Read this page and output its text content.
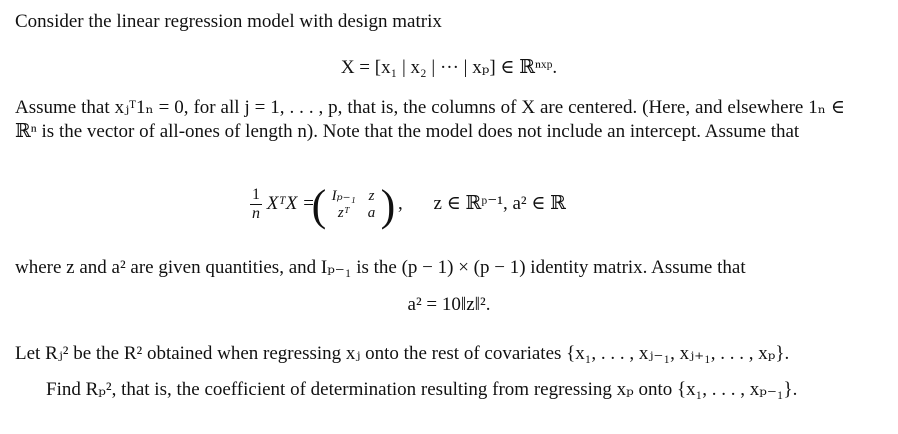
Consider the linear regression model with design matrix
X = [x₁ | x₂ | ··· | xₚ] ∈ ℝⁿˣᵖ.
Assume that xⱼᵀ1ₙ = 0, for all j = 1, . . . , p, that is, the columns of X are centered. (Here, and elsewhere 1ₙ ∈ ℝⁿ is the vector of all-ones of length n). Note that the model does not include an intercept. Assume that
$\frac{1}{n}$ XᵀX =
( Iₚ₋₁	z
zᵀ	a ) , z ∈ ℝᵖ⁻¹, a² ∈ ℝ
where z and a² are given quantities, and Iₚ₋₁ is the (p − 1) × (p − 1) identity matrix. Assume that
a² = 10‖z‖².
Let Rⱼ² be the R² obtained when regressing xⱼ onto the rest of covariates {x₁, . . . , xⱼ₋₁, xⱼ₊₁, . . . , xₚ}.
Find Rₚ², that is, the coefficient of determination resulting from regressing xₚ onto {x₁, . . . , xₚ₋₁}.
